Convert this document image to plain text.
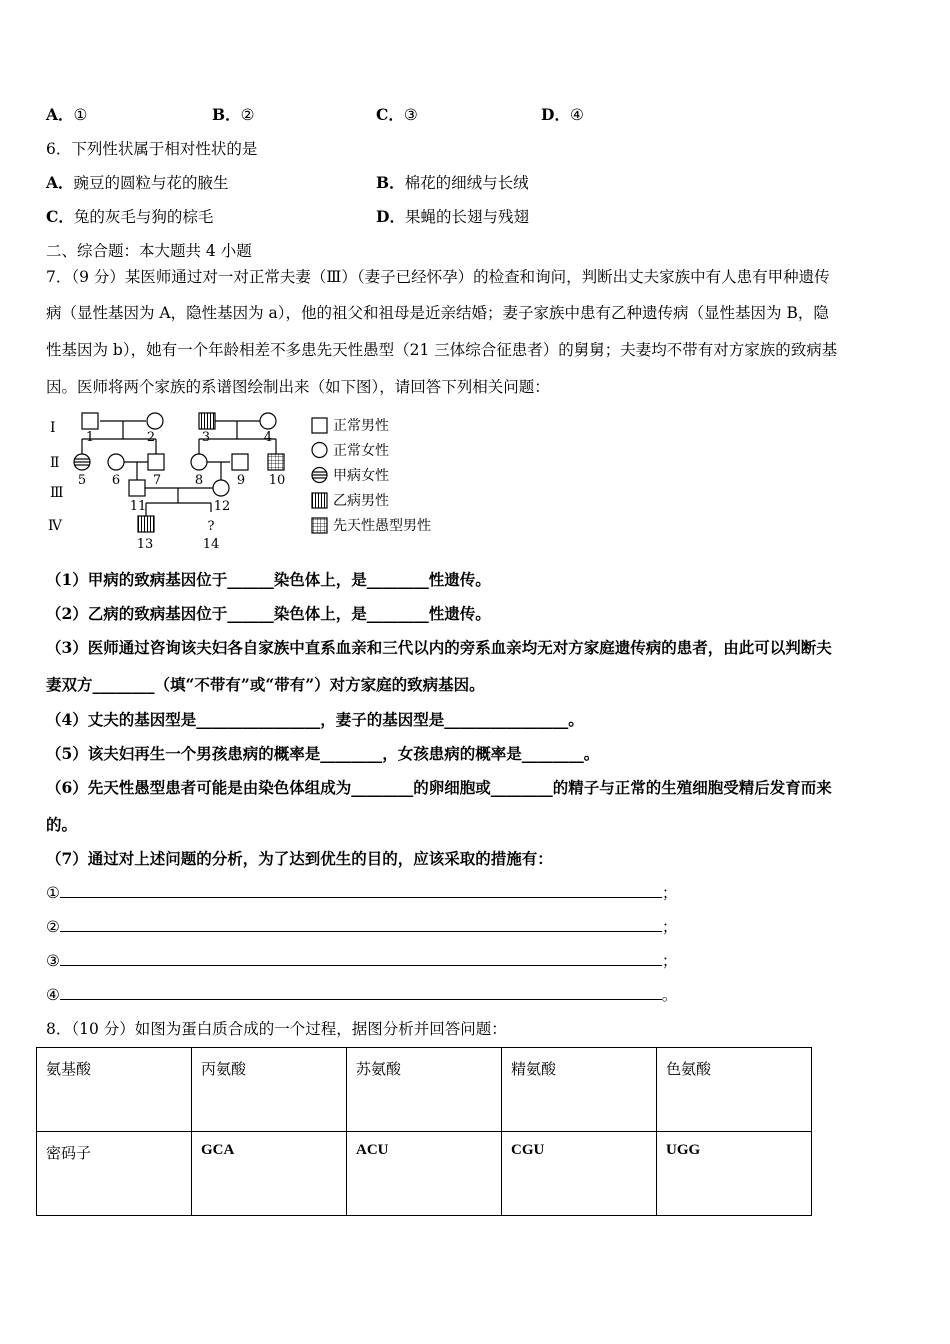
A．①	B．②	C．③	D．④
6．下列性状属于相对性状的是
A．豌豆的圆粒与花的腋生	B．棉花的细绒与长绒
C．兔的灰毛与狗的棕毛	D．果蝇的长翅与残翅
二、综合题：本大题共 4 小题
7．（9 分）某医师通过对一对正常夫妻（Ⅲ）（妻子已经怀孕）的检查和询问，判断出丈夫家族中有人患有甲种遗传
病（显性基因为 A，隐性基因为 a），他的祖父和祖母是近亲结婚；妻子家族中患有乙种遗传病（显性基因为 B，隐
性基因为 b），她有一个年龄相差不多患先天性愚型（21 三体综合征患者）的舅舅；夫妻均不带有对方家族的致病基
因。医师将两个家族的系谱图绘制出来（如下图），请回答下列相关问题：
Ⅰ
Ⅱ
Ⅲ
Ⅳ
1	2	3	4
5 6	7	8	9 10
11	12
13
?
14
正常男性
正常女性
甲病女性
乙病男性
先天性愚型男性
（1）甲病的致病基因位于______染色体上，是________性遗传。
（2）乙病的致病基因位于______染色体上，是________性遗传。
（3）医师通过咨询该夫妇各自家族中直系血亲和三代以内的旁系血亲均无对方家庭遗传病的患者，由此可以判断夫
妻双方________（填“不带有”或“带有”）对方家庭的致病基因。
（4）丈夫的基因型是________________，妻子的基因型是________________。
（5）该夫妇再生一个男孩患病的概率是________，女孩患病的概率是________。
（6）先天性愚型患者可能是由染色体组成为________的卵细胞或________的精子与正常的生殖细胞受精后发育而来
的。
（7）通过对上述问题的分析，为了达到优生的目的，应该采取的措施有：
①	；
②	；
③	；
④	。
8．（10 分）如图为蛋白质合成的一个过程，据图分析并回答问题：
氨基酸	丙氨酸	苏氨酸	精氨酸	色氨酸
密码子	GCA	ACU	CGU	UGG
